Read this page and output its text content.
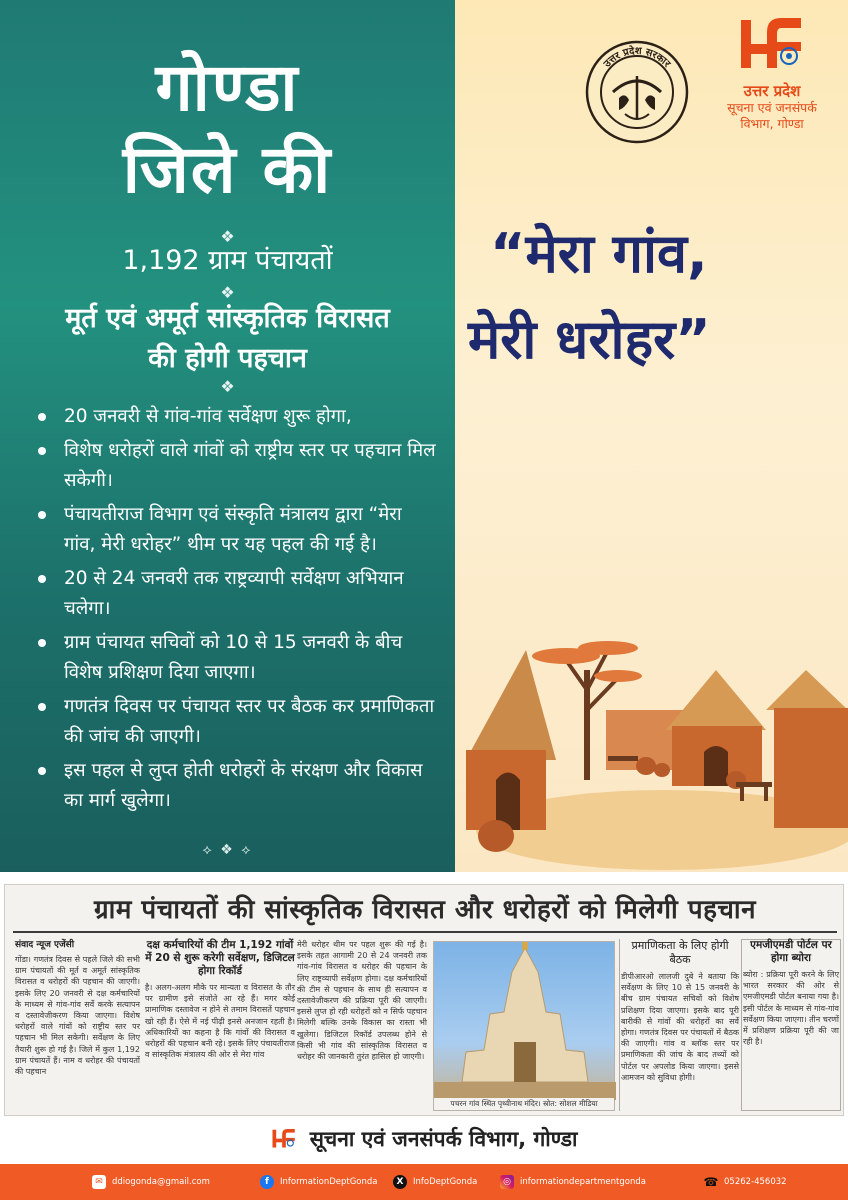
गोण्डा
जिले की
❖
1,192 ग्राम पंचायतों
❖
मूर्त एवं अमूर्त सांस्कृतिक विरासत
की होगी पहचान
❖
20 जनवरी से गांव-गांव सर्वेक्षण शुरू होगा,
विशेष धरोहरों वाले गांवों को राष्ट्रीय स्तर पर पहचान मिल सकेगी।
पंचायतीराज विभाग एवं संस्कृति मंत्रालय द्वारा “मेरा गांव, मेरी धरोहर” थीम पर यह पहल की गई है।
20 से 24 जनवरी तक राष्ट्रव्यापी सर्वेक्षण अभियान चलेगा।
ग्राम पंचायत सचिवों को 10 से 15 जनवरी के बीच विशेष प्रशिक्षण दिया जाएगा।
गणतंत्र दिवस पर पंचायत स्तर पर बैठक कर प्रमाणिकता की जांच की जाएगी।
इस पहल से लुप्त होती धरोहरों के संरक्षण और विकास का मार्ग खुलेगा।
⟡ ❖ ⟡
उत्तर प्रदेश सरकार
उत्तर प्रदेश
सूचना एवं जनसंपर्क
विभाग, गोण्डा
“मेरा गांव,
मेरी धरोहर”
ग्राम पंचायतों की सांस्कृतिक विरासत और धरोहरों को मिलेगी पहचान
संवाद न्यूज एजेंसी
गोंडा। गणतंत्र दिवस से पहले जिले की सभी ग्राम पंचायतों की मूर्त व अमूर्त सांस्कृतिक विरासत व धरोहरों की पहचान की जाएगी। इसके लिए 20 जनवरी से दक्ष कर्मचारियों के माध्यम से गांव-गांव सर्वे करके सत्यापन व दस्तावेजीकरण किया जाएगा। विशेष धरोहरों वाले गांवों को राष्ट्रीय स्तर पर पहचान भी मिल सकेगी। सर्वेक्षण के लिए तैयारी शुरू हो गई है। जिले में कुल 1,192 ग्राम पंचायतें हैं। नाम व धरोहर की पंचायतों की पहचान
दक्ष कर्मचारियों की टीम 1,192 गांवों में 20 से शुरू करेगी सर्वेक्षण, डिजिटल होगा रिकॉर्ड
है। अलग-अलग मौके पर मान्यता व विरासत के तौर पर ग्रामीण इसे संजोते आ रहे हैं। मगर कोई प्रामाणिक दस्तावेज न होने से तमाम विरासतें पहचान खो रही हैं। ऐसे में नई पीढ़ी इनसे अनजान रहती है। अधिकारियों का कहना है कि गांवों की विरासत व धरोहरों की पहचान बनी रहे। इसके लिए पंचायतीराज व सांस्कृतिक मंत्रालय की ओर से मेरा गांव
मेरी धरोहर थीम पर पहल शुरू की गई है। इसके तहत आगामी 20 से 24 जनवरी तक गांव-गांव विरासत व धरोहर की पहचान के लिए राष्ट्रव्यापी सर्वेक्षण होगा। दक्ष कर्मचारियों की टीम से पहचान के साथ ही सत्यापन व दस्तावेजीकरण की प्रक्रिया पूरी की जाएगी। इससे लुप्त हो रही धरोहरों को न सिर्फ पहचान मिलेगी बल्कि उनके विकास का रास्ता भी खुलेगा। डिजिटल रिकॉर्ड उपलब्ध होने से किसी भी गांव की सांस्कृतिक विरासत व धरोहर की जानकारी तुरंत हासिल हो जाएगी।
पचरन गांव स्थित पृथ्वीनाथ मंदिर। स्रोत: सोशल मीडिया
प्रमाणिकता के लिए होगी बैठक
डीपीआरओ लालजी दुबे ने बताया कि सर्वेक्षण के लिए 10 से 15 जनवरी के बीच ग्राम पंचायत सचिवों को विशेष प्रशिक्षण दिया जाएगा। इसके बाद पूरी बारीकी से गांवों की धरोहरों का सर्वे होगा। गणतंत्र दिवस पर पंचायतों में बैठक की जाएगी। गांव व ब्लॉक स्तर पर प्रमाणिकता की जांच के बाद तथ्यों को पोर्टल पर अपलोड किया जाएगा। इससे आमजन को सुविधा होगी।
एमजीएमडी पोर्टल पर होगा ब्योरा
ब्योरा : प्रक्रिया पूरी करने के लिए भारत सरकार की ओर से एमजीएमडी पोर्टल बनाया गया है। इसी पोर्टल के माध्यम से गांव-गांव सर्वेक्षण किया जाएगा। तीन चरणों में प्रशिक्षण प्रक्रिया पूरी की जा रही है।
सूचना एवं जनसंपर्क विभाग, गोण्डा
✉	ddiogonda@gmail.com	f	InformationDeptGonda	X	InfoDeptGonda	◎	informationdepartmentgonda	☎ 05262-456032
